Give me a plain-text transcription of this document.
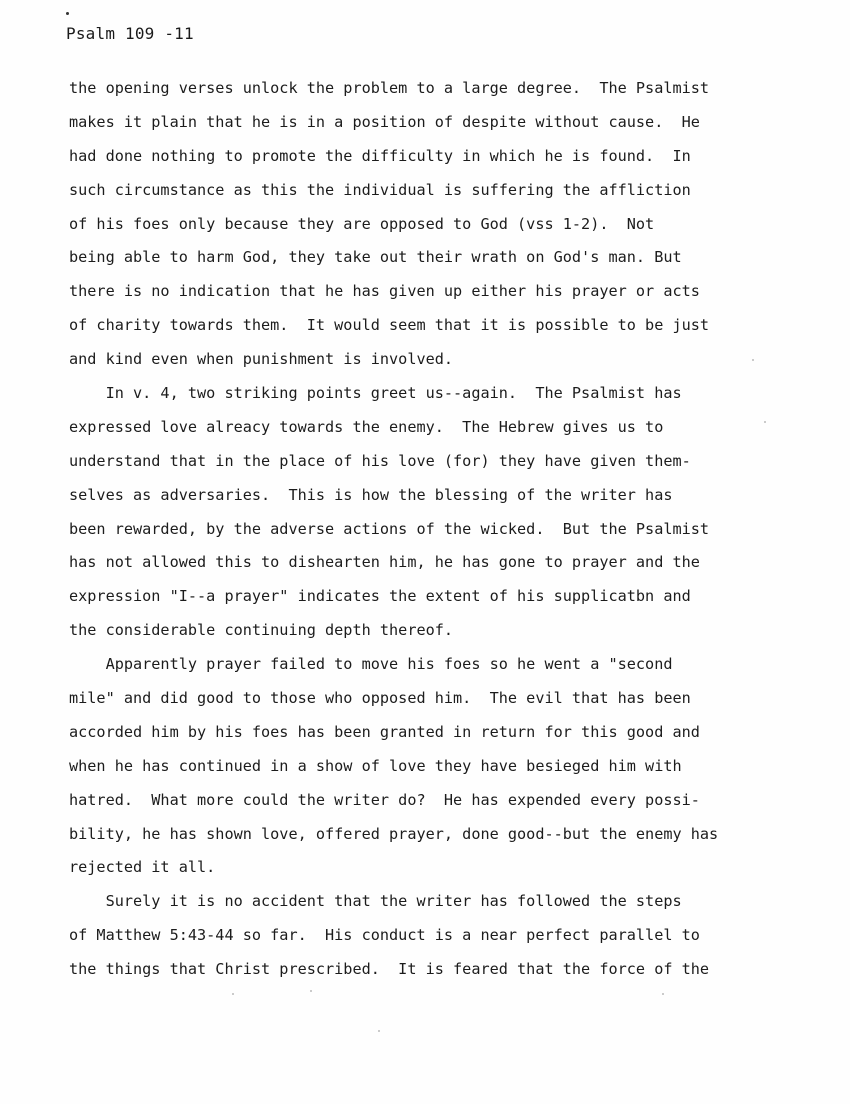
Psalm 109 -11
the opening verses unlock the problem to a large degree.  The Psalmist
makes it plain that he is in a position of despite without cause.  He
had done nothing to promote the difficulty in which he is found.  In
such circumstance as this the individual is suffering the affliction
of his foes only because they are opposed to God (vss 1-2).  Not
being able to harm God, they take out their wrath on God's man. But
there is no indication that he has given up either his prayer or acts
of charity towards them.  It would seem that it is possible to be just
and kind even when punishment is involved.
In v. 4, two striking points greet us--again.  The Psalmist has
expressed love alreacy towards the enemy.  The Hebrew gives us to
understand that in the place of his love (for) they have given them-
selves as adversaries.  This is how the blessing of the writer has
been rewarded, by the adverse actions of the wicked.  But the Psalmist
has not allowed this to dishearten him, he has gone to prayer and the
expression "I--a prayer" indicates the extent of his supplicatbn and
the considerable continuing depth thereof.
Apparently prayer failed to move his foes so he went a "second
mile" and did good to those who opposed him.  The evil that has been
accorded him by his foes has been granted in return for this good and
when he has continued in a show of love they have besieged him with
hatred.  What more could the writer do?  He has expended every possi-
bility, he has shown love, offered prayer, done good--but the enemy has
rejected it all.
Surely it is no accident that the writer has followed the steps
of Matthew 5:43-44 so far.  His conduct is a near perfect parallel to
the things that Christ prescribed.  It is feared that the force of the
